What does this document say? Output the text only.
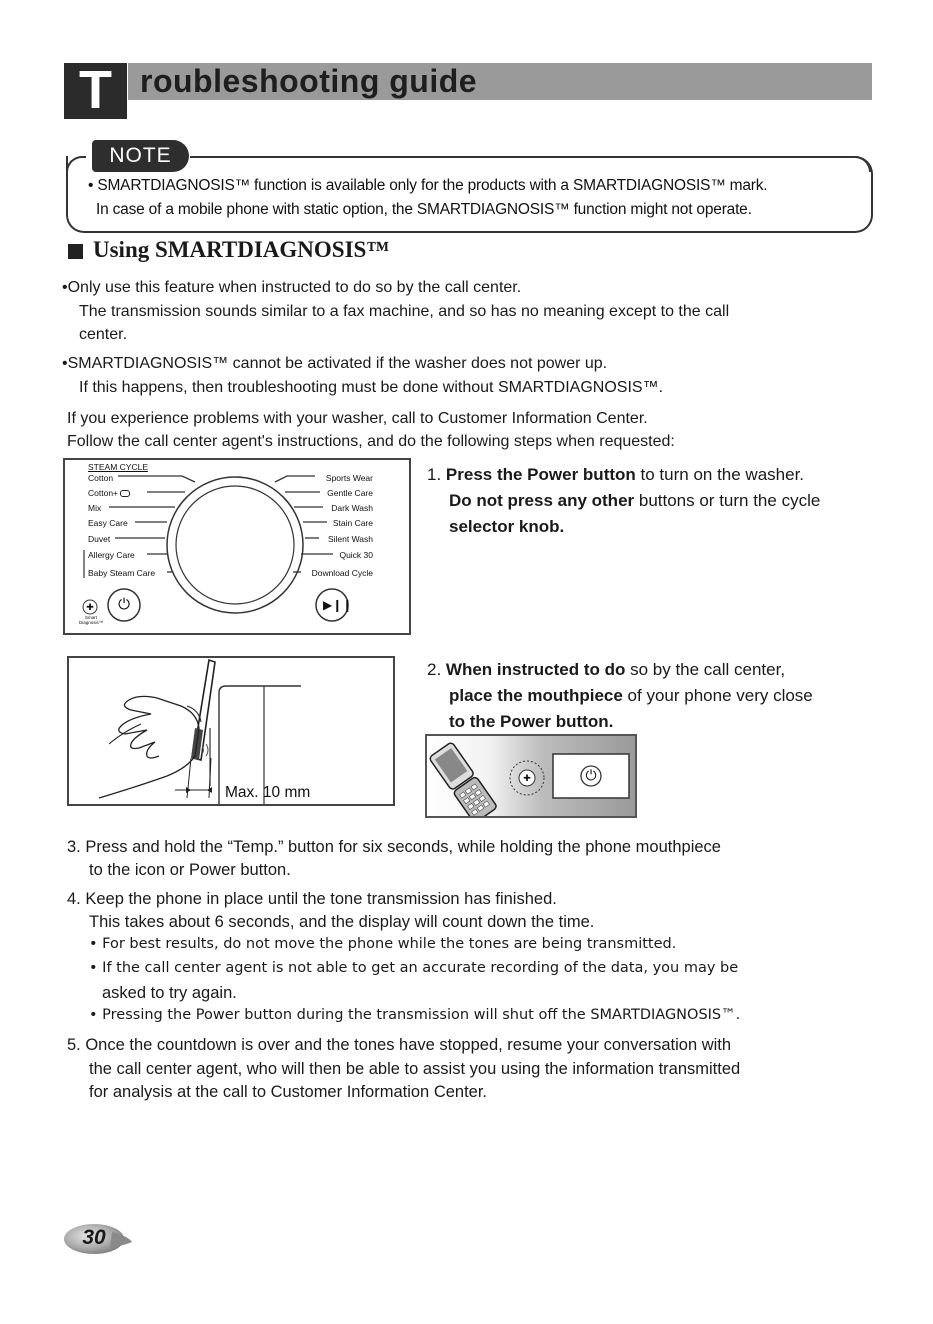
T roubleshooting guide
NOTE
• SMARTDIAGNOSIS™ function is available only for the products with a SMARTDIAGNOSIS™ mark.
In case of a mobile phone with static option, the SMARTDIAGNOSIS™ function might not operate.
Using SMARTDIAGNOSIS™
•Only use this feature when instructed to do so by the call center.
The transmission sounds similar to a fax machine, and so has no meaning except to the call
center.
•SMARTDIAGNOSIS™ cannot be activated if the washer does not power up.
If this happens, then troubleshooting must be done without SMARTDIAGNOSIS™.
If you experience problems with your washer, call to Customer Information Center.
Follow the call center agent's instructions, and do the following steps when requested:
STEAM CYCLE
Cotton
Cotton+
Mix
Easy Care
Duvet
Allergy Care
Baby Steam Care
Sports Wear
Gentle Care
Dark Wash
Stain Care
Silent Wash
Quick 30
Download Cycle
⏻	▶❙❙
✚
Smart
Diagnosis™
1. Press the Power button to turn on the washer.
Do not press any other buttons or turn the cycle
selector knob.
Max. 10 mm
2. When instructed to do so by the call center,
place the mouthpiece of your phone very close
to the Power button.
⏻
✚
3. Press and hold the “Temp.” button for six seconds, while holding the phone mouthpiece
to the icon or Power button.
4. Keep the phone in place until the tone transmission has finished.
This takes about 6 seconds, and the display will count down the time.
• For best results, do not move the phone while the tones are being transmitted.
• If the call center agent is not able to get an accurate recording of the data, you may be
asked to try again.
• Pressing the Power button during the transmission will shut off the SMARTDIAGNOSIS™.
5. Once the countdown is over and the tones have stopped, resume your conversation with
the call center agent, who will then be able to assist you using the information transmitted
for analysis at the call to Customer Information Center.
30
